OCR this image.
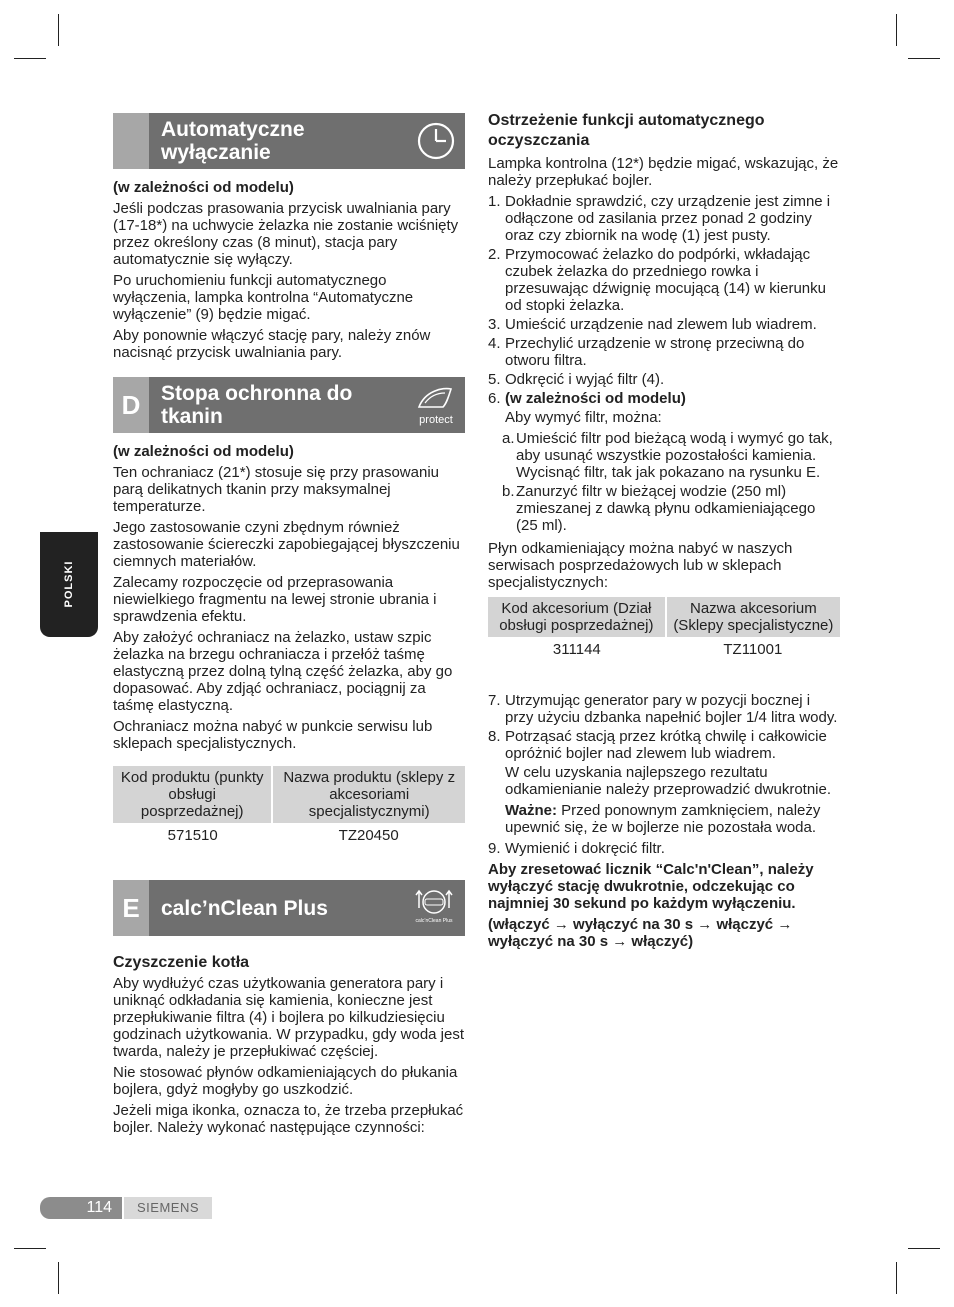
POLSKI
Automatyczne wyłączanie

(w zależności od modelu)

Jeśli podczas prasowania przycisk uwalniania pary (17-18*) na uchwycie żelazka nie zostanie wciśnięty przez określony czas (8 minut), stacja pary automatycznie się wyłączy.

Po uruchomieniu funkcji automatycznego wyłączenia, lampka kontrolna “Automatyczne wyłączenie” (9) będzie migać.

Aby ponownie włączyć stację pary, należy znów nacisnąć przycisk uwalniania pary.

D Stopa ochronna do tkanin	protect

(w zależności od modelu)

Ten ochraniacz (21*) stosuje się przy prasowaniu parą delikatnych tkanin przy maksymalnej temperaturze.

Jego zastosowanie czyni zbędnym również zastosowanie ściereczki zapobiegającej błyszczeniu ciemnych materiałów.

Zalecamy rozpoczęcie od przeprasowania niewielkiego fragmentu na lewej stronie ubrania i sprawdzenia efektu.

Aby założyć ochraniacz na żelazko, ustaw szpic żelazka na brzegu ochraniacza i przełóż taśmę elastyczną przez dolną tylną część żelazka, aby go dopasować. Aby zdjąć ochraniacz, pociągnij za taśmę elastyczną.

Ochraniacz można nabyć w punkcie serwisu lub sklepach specjalistycznych.

Kod produktu (punkty obsługi posprzedażnej)	Nazwa produktu (sklepy z akcesoriami specjalistycznymi)
571510	TZ20450
E	calc’nClean Plus
calc’nClean Plus

Czyszczenie kotła

Aby wydłużyć czas użytkowania generatora pary i uniknąć odkładania się kamienia, konieczne jest przepłukiwanie filtra (4) i bojlera po kilkudziesięciu godzinach użytkowania. W przypadku, gdy woda jest twarda, należy je przepłukiwać częściej.

Nie stosować płynów odkamieniających do płukania bojlera, gdyż mogłyby go uszkodzić.

Jeżeli miga ikonka, oznacza to, że trzeba przepłukać bojler. Należy wykonać następujące czynności:

Ostrzeżenie funkcji automatycznego oczyszczania

Lampka kontrolna (12*) będzie migać, wskazując, że należy przepłukać bojler.

1. Dokładnie sprawdzić, czy urządzenie jest zimne i odłączone od zasilania przez ponad 2 godziny oraz czy zbiornik na wodę (1) jest pusty.
2. Przymocować żelazko do podpórki, wkładając czubek żelazka do przedniego rowka i przesuwając dźwignię mocującą (14) w kierunku od stopki żelazka.
3. Umieścić urządzenie nad zlewem lub wiadrem.
4. Przechylić urządzenie w stronę przeciwną do otworu filtra.
5. Odkręcić i wyjąć filtr (4).
6. (w zależności od modelu)

Aby wymyć filtr, można:

a. Umieścić filtr pod bieżącą wodą i wymyć go tak, aby usunąć wszystkie pozostałości kamienia. Wycisnąć filtr, tak jak pokazano na rysunku E.
b. Zanurzyć filtr w bieżącej wodzie (250 ml) zmieszanej z dawką płynu odkamieniającego (25 ml).

Płyn odkamieniający można nabyć w naszych serwisach posprzedażowych lub w sklepach specjalistycznych:

Kod akcesorium (Dział obsługi posprzedażnej)	Nazwa akcesorium (Sklepy specjalistyczne)
311144	TZ11001
7. Utrzymując generator pary w pozycji bocznej i przy użyciu dzbanka napełnić bojler 1/4 litra wody.
8. Potrząsać stacją przez krótką chwilę i całkowicie opróżnić bojler nad zlewem lub wiadrem.

W celu uzyskania najlepszego rezultatu odkamienianie należy przeprowadzić dwukrotnie.

Ważne: Przed ponownym zamknięciem, należy upewnić się, że w bojlerze nie pozostała woda.

9. Wymienić i dokręcić filtr.

Aby zresetować licznik “Calc'n'Clean”, należy wyłączyć stację dwukrotnie, odczekując co najmniej 30 sekund po każdym wyłączeniu.

(włączyć → wyłączyć na 30 s → włączyć → wyłączyć na 30 s → włączyć)

114	SIEMENS
